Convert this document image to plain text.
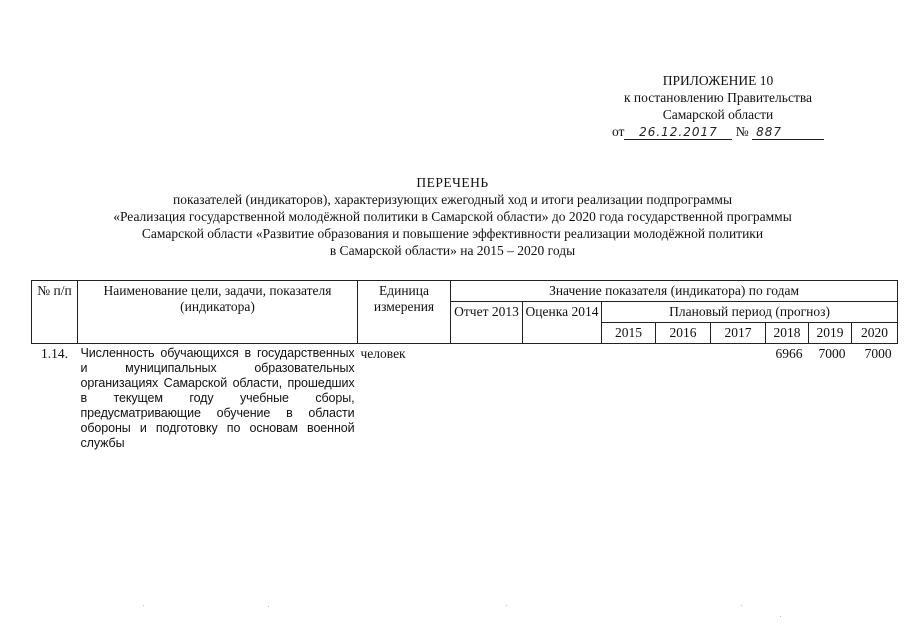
ПРИЛОЖЕНИЕ 10
к постановлению Правительства
Самарской области
от 26.12.2017 № 887
ПЕРЕЧЕНЬ
показателей (индикаторов), характеризующих ежегодный ход и итоги реализации подпрограммы
«Реализация государственной молодёжной политики в Самарской области» до 2020 года государственной программы
Самарской области «Развитие образования и повышение эффективности реализации молодёжной политики
в Самарской области» на 2015 – 2020 годы
№ п/п	Наименование цели, задачи, показателя (индикатора)	Единица измерения	Значение показателя (индикатора) по годам							
			Отчет 2013	Оценка 2014	Плановый период (прогноз)					
					2015	2016	2017	2018	2019	2020
1.14.	Численность обучающихся в государственных и муниципальных образовательных организациях Самарской области, прошедших в текущем году учебные сборы, предусматривающие обучение в области обороны и подготовку по основам военной службы	человек						6966	7000	7000
